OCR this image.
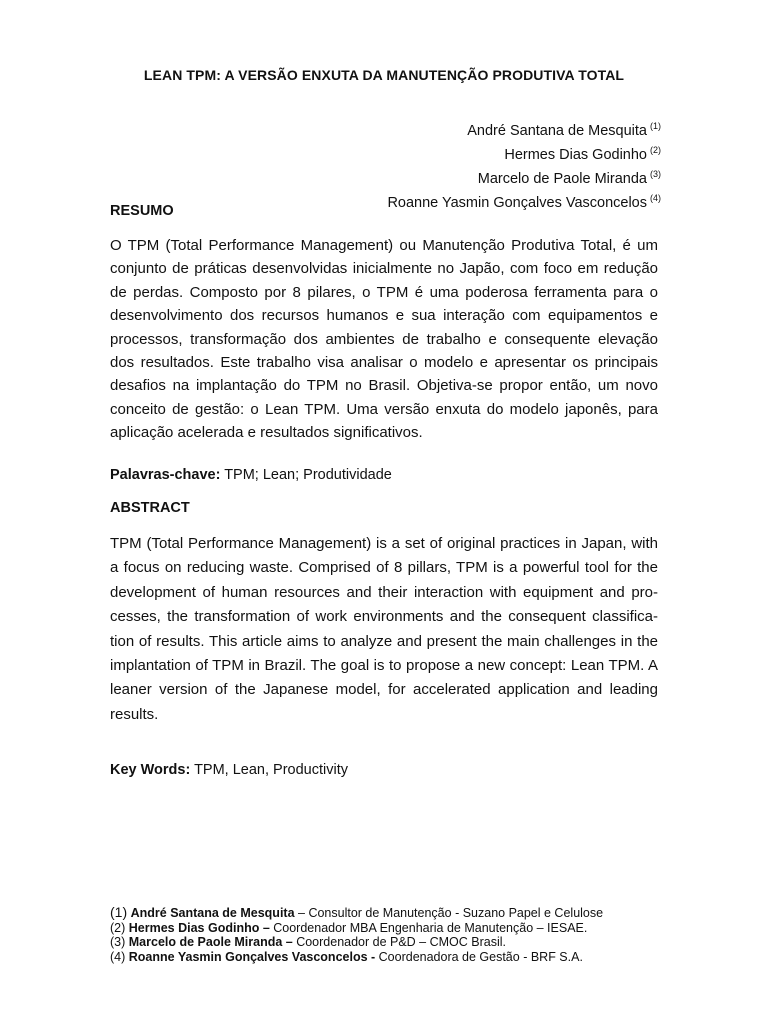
LEAN TPM: A VERSÃO ENXUTA DA MANUTENÇÃO PRODUTIVA TOTAL
André Santana de Mesquita $^{(1)}$
Hermes Dias Godinho $^{(2)}$
Marcelo de Paole Miranda $^{(3)}$
Roanne Yasmin Gonçalves Vasconcelos $^{(4)}$
RESUMO

O TPM (Total Performance Management) ou Manutenção Produtiva Total, é um conjunto de práticas desenvolvidas inicialmente no Japão, com foco em redução de perdas. Composto por 8 pilares, o TPM é uma poderosa ferramenta para o desenvolvimento dos recursos humanos e sua interação com equipamentos e processos, transformação dos ambientes de trabalho e consequente elevação dos resultados. Este trabalho visa analisar o modelo e apresentar os principais desafios na implantação do TPM no Brasil. Objetiva-se propor então, um novo conceito de gestão: o Lean TPM. Uma versão enxuta do modelo japonês, para aplicação acelerada e resultados significativos.

Palavras-chave: TPM; Lean; Produtividade
ABSTRACT

TPM (Total Performance Management) is a set of original practices in Japan, with a focus on reducing waste. Comprised of 8 pillars, TPM is a powerful tool for the development of human resources and their interaction with equipment and pro-cesses, the transformation of work environments and the consequent classifica-tion of results. This article aims to analyze and present the main challenges in the implantation of TPM in Brazil. The goal is to propose a new concept: Lean TPM. A leaner version of the Japanese model, for accelerated application and leading results.

Key Words: TPM, Lean, Productivity
(1) André Santana de Mesquita – Consultor de Manutenção - Suzano Papel e Celulose
(2) Hermes Dias Godinho – Coordenador MBA Engenharia de Manutenção – IESAE.
(3) Marcelo de Paole Miranda – Coordenador de P&D – CMOC Brasil.
(4) Roanne Yasmin Gonçalves Vasconcelos - Coordenadora de Gestão - BRF S.A.
